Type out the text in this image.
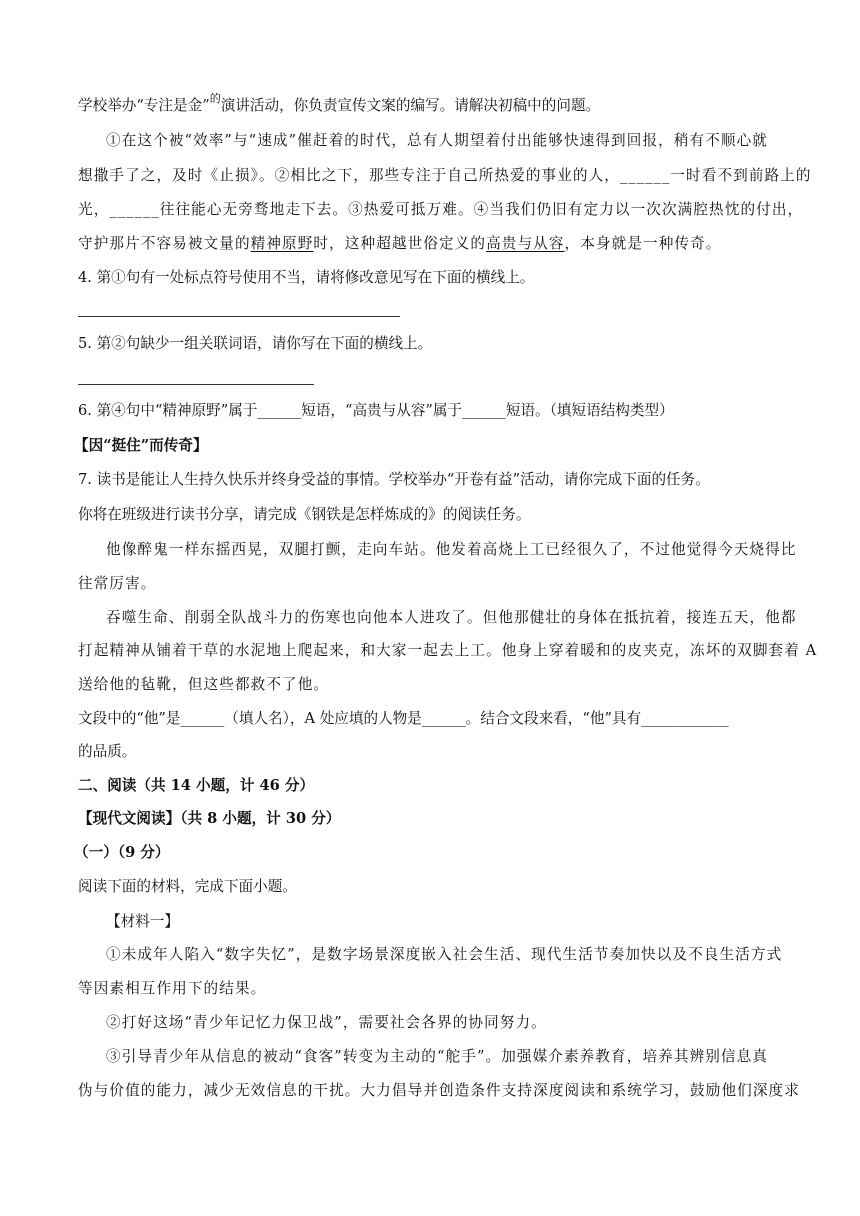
学校举办“专注是金”$^的$演讲活动，你负责宣传文案的编写。请解决初稿中的问题。
①在这个被“效率”与“速成”催赶着的时代，总有人期望着付出能够快速得到回报，稍有不顺心就
想撒手了之，及时《止损》。②相比之下，那些专注于自己所热爱的事业的人，______一时看不到前路上的
光，______往往能心无旁骛地走下去。③热爱可抵万难。④当我们仍旧有定力以一次次满腔热忱的付出，
守护那片不容易被文量的精神原野时，这种超越世俗定义的高贵与从容，本身就是一种传奇。
4. 第①句有一处标点符号使用不当，请将修改意见写在下面的横线上。
5. 第②句缺少一组关联词语，请你写在下面的横线上。
6. 第④句中“精神原野”属于______短语，“高贵与从容”属于______短语。（填短语结构类型）
【因“挺住”而传奇】
7. 读书是能让人生持久快乐并终身受益的事情。学校举办“开卷有益”活动，请你完成下面的任务。
你将在班级进行读书分享，请完成《钢铁是怎样炼成的》的阅读任务。
他像醉鬼一样东摇西晃，双腿打颤，走向车站。他发着高烧上工已经很久了，不过他觉得今天烧得比
往常厉害。
吞噬生命、削弱全队战斗力的伤寒也向他本人进攻了。但他那健壮的身体在抵抗着，接连五天，他都
打起精神从铺着干草的水泥地上爬起来，和大家一起去上工。他身上穿着暖和的皮夹克，冻坏的双脚套着 A
送给他的毡靴，但这些都救不了他。
文段中的“他”是______（填人名），A 处应填的人物是______。结合文段来看，“他”具有____________
的品质。
二、阅读（共 14 小题，计 46 分）
【现代文阅读】（共 8 小题，计 30 分）
（一）（9 分）
阅读下面的材料，完成下面小题。
【材料一】
①未成年人陷入“数字失忆”，是数字场景深度嵌入社会生活、现代生活节奏加快以及不良生活方式
等因素相互作用下的结果。
②打好这场“青少年记忆力保卫战”，需要社会各界的协同努力。
③引导青少年从信息的被动“食客”转变为主动的“舵手”。加强媒介素养教育，培养其辨别信息真
伪与价值的能力，减少无效信息的干扰。大力倡导并创造条件支持深度阅读和系统学习，鼓励他们深度求
